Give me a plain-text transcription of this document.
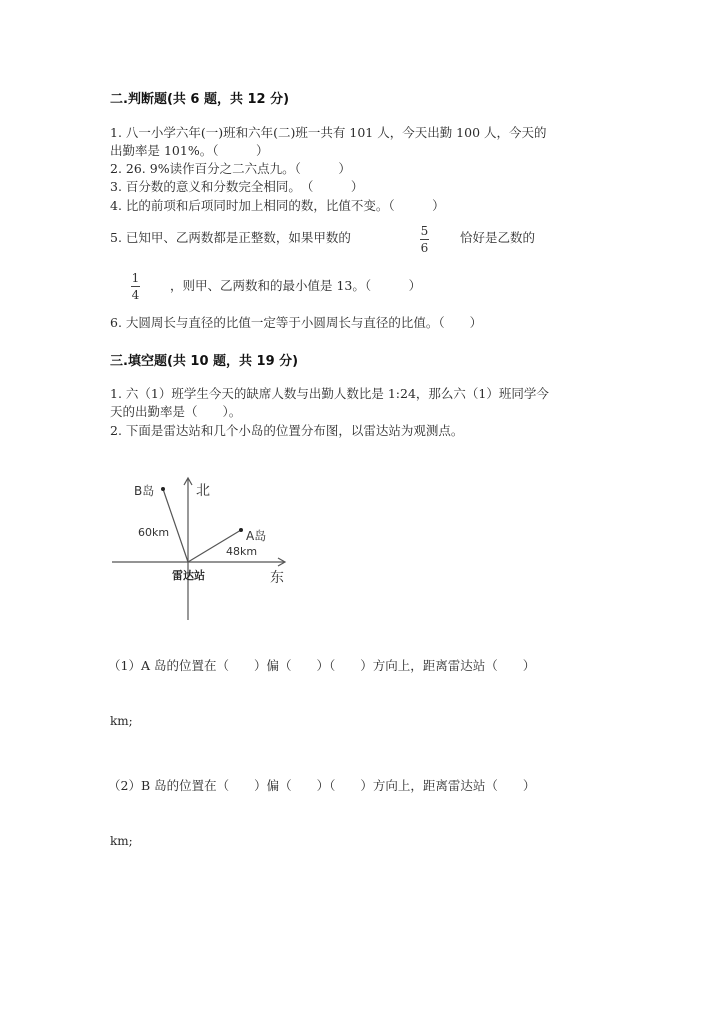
二.判断题(共 6 题，共 12 分)
1. 八一小学六年(一)班和六年(二)班一共有 101 人，今天出勤 100 人，今天的
出勤率是 101%。（　　　）
2. 26. 9%读作百分之二六点九。（　　　）
3. 百分数的意义和分数完全相同。　（　　　）
4. 比的前项和后项同时加上相同的数，比值不变。（　　　）
5. 已知甲、乙两数都是正整数，如果甲数的	5
6
恰好是乙数的
1
4
，则甲、乙两数和的最小值是 13。（　　　）
6. 大圆周长与直径的比值一定等于小圆周长与直径的比值。（　　）
三.填空题(共 10 题，共 19 分)
1. 六（1）班学生今天的缺席人数与出勤人数比是 1:24，那么六（1）班同学今
天的出勤率是（　　）。
2. 下面是雷达站和几个小岛的位置分布图，以雷达站为观测点。
北
东
雷达站
B岛
60km	A岛
48km
（1）A 岛的位置在（　　）偏（　　）（　　）方向上，距离雷达站（　　）
km;
（2）B 岛的位置在（　　）偏（　　）（　　）方向上，距离雷达站（　　）
km;
